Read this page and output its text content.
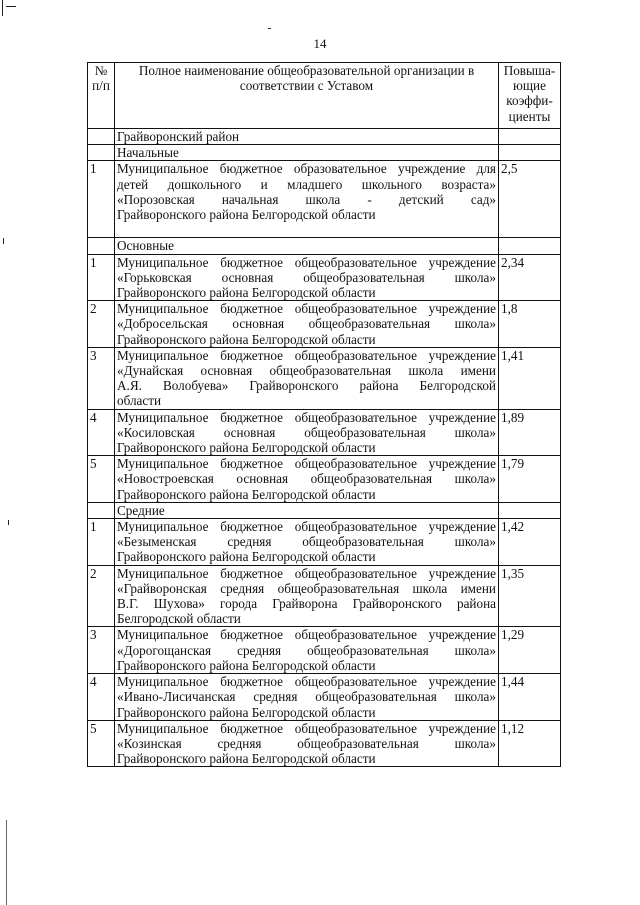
14
№ п/п	Полное наименование общеобразовательной организации в соответствии с Уставом	Повыша-ющие коэффи-циенты
	Грайворонский район	
	Начальные	
1	Муниципальное бюджетное образовательное учреждение для
детей дошкольного и младшего школьного возраста»
«Порозовская начальная школа - детский сад»
Грайворонского района Белгородской области	2,5
	Основные	
1	Муниципальное бюджетное общеобразовательное учреждение
«Горьковская основная общеобразовательная школа»
Грайворонского района Белгородской области	2,34
2	Муниципальное бюджетное общеобразовательное учреждение
«Добросельская основная общеобразовательная школа»
Грайворонского района Белгородской области	1,8
3	Муниципальное бюджетное общеобразовательное учреждение
«Дунайская основная общеобразовательная школа имени
А.Я. Волобуева» Грайворонского района Белгородской
области	1,41
4	Муниципальное бюджетное общеобразовательное учреждение
«Косиловская основная общеобразовательная школа»
Грайворонского района Белгородской области	1,89
5	Муниципальное бюджетное общеобразовательное учреждение
«Новостроевская основная общеобразовательная школа»
Грайворонского района Белгородской области	1,79
	Средние	
1	Муниципальное бюджетное общеобразовательное учреждение
«Безыменская средняя общеобразовательная школа»
Грайворонского района Белгородской области	1,42
2	Муниципальное бюджетное общеобразовательное учреждение
«Грайворонская средняя общеобразовательная школа имени
В.Г. Шухова» города Грайворона Грайворонского района
Белгородской области	1,35
3	Муниципальное бюджетное общеобразовательное учреждение
«Дорогощанская средняя общеобразовательная школа»
Грайворонского района Белгородской области	1,29
4	Муниципальное бюджетное общеобразовательное учреждение
«Ивано-Лисичанская средняя общеобразовательная школа»
Грайворонского района Белгородской области	1,44
5	Муниципальное бюджетное общеобразовательное учреждение
«Козинская средняя общеобразовательная школа»
Грайворонского района Белгородской области	1,12
